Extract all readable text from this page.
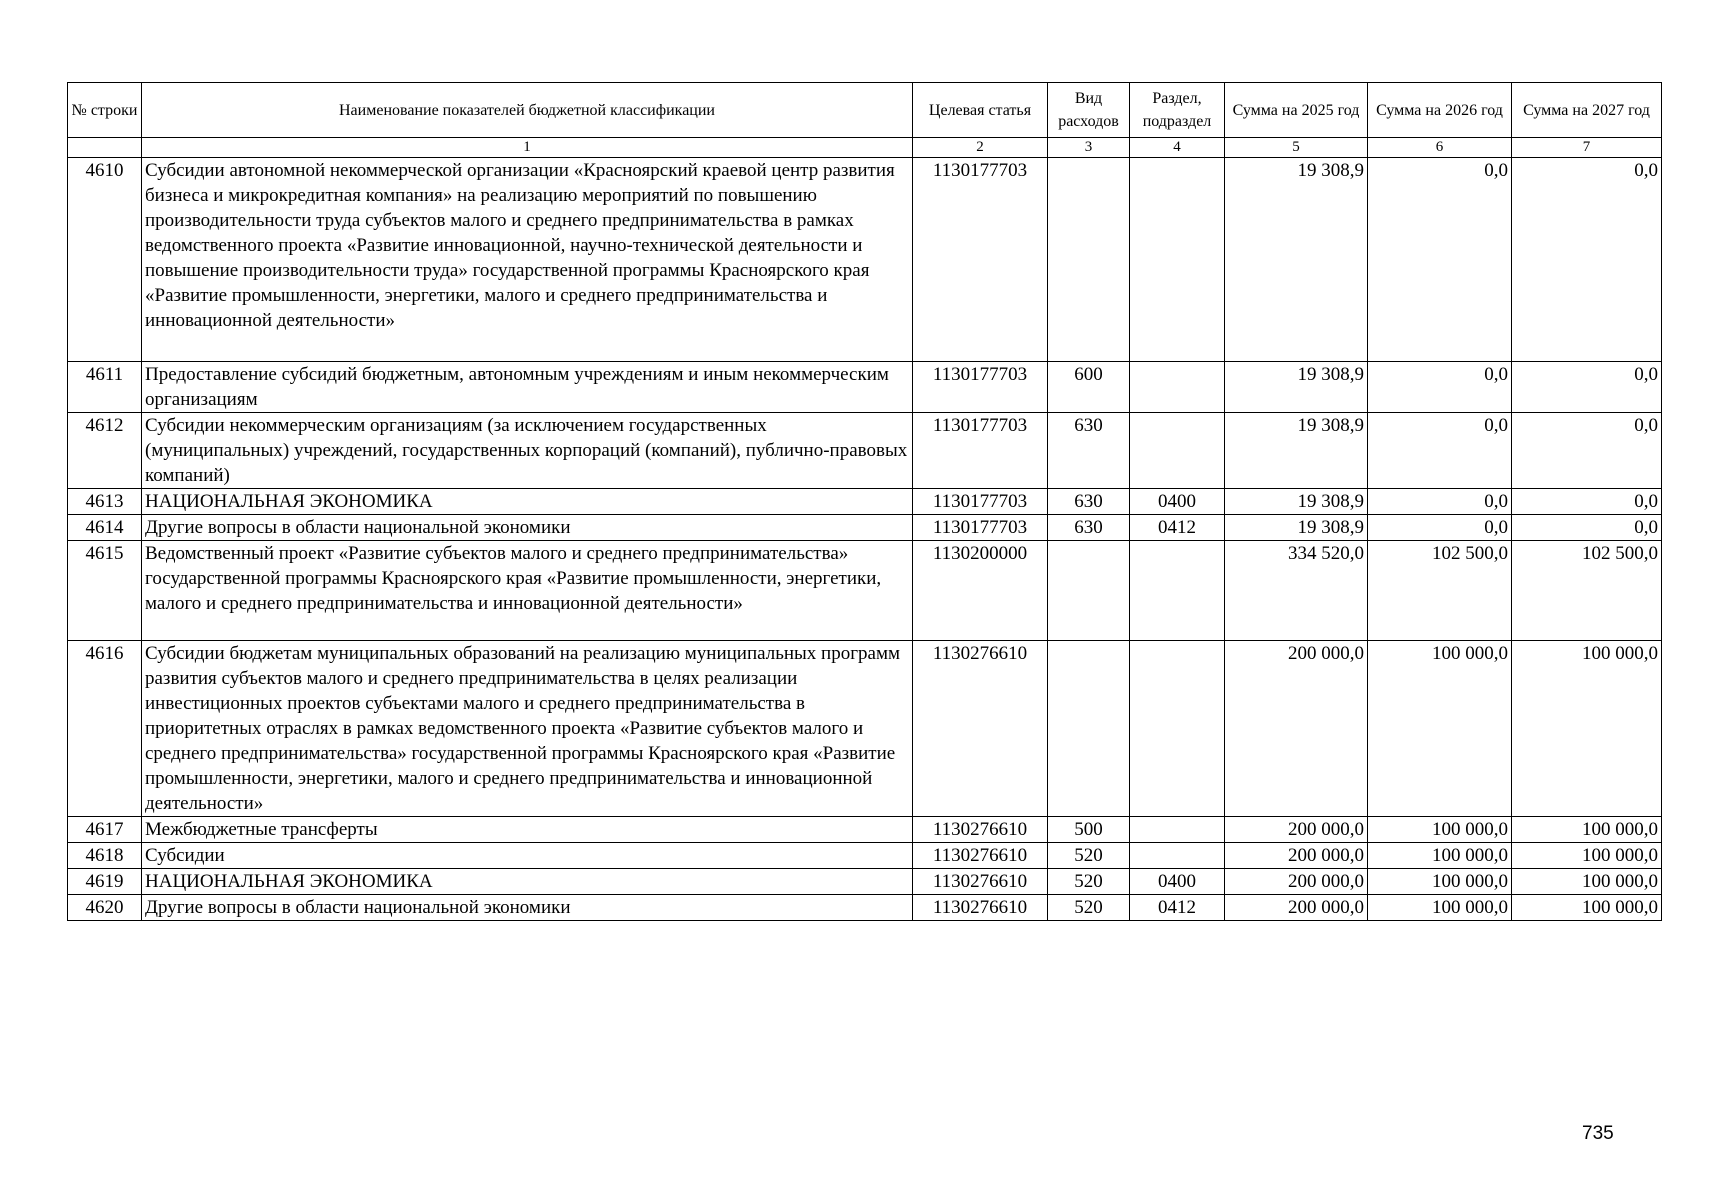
№ строки	Наименование показателей бюджетной классификации	Целевая статья	Вид расходов	Раздел, подраздел	Сумма на 2025 год	Сумма на 2026 год	Сумма на 2027 год
	1	2	3	4	5	6	7
4610	Субсидии автономной некоммерческой организации «Красноярский краевой центр развития бизнеса и микрокредитная компания» на реализацию мероприятий по повышению производительности труда субъектов малого и среднего предпринимательства в рамках ведомственного проекта «Развитие инновационной, научно-технической деятельности и повышение производительности труда» государственной программы Красноярского края «Развитие промышленности, энергетики, малого и среднего предпринимательства и инновационной деятельности»	1130177703			19 308,9	0,0	0,0
4611	Предоставление субсидий бюджетным, автономным учреждениям и иным некоммерческим организациям	1130177703	600		19 308,9	0,0	0,0
4612	Субсидии некоммерческим организациям (за исключением государственных (муниципальных) учреждений, государственных корпораций (компаний), публично-правовых компаний)	1130177703	630		19 308,9	0,0	0,0
4613	НАЦИОНАЛЬНАЯ ЭКОНОМИКА	1130177703	630	0400	19 308,9	0,0	0,0
4614	Другие вопросы в области национальной экономики	1130177703	630	0412	19 308,9	0,0	0,0
4615	Ведомственный проект «Развитие субъектов малого и среднего предпринимательства» государственной программы Красноярского края «Развитие промышленности, энергетики, малого и среднего предпринимательства и инновационной деятельности»	1130200000			334 520,0	102 500,0	102 500,0
4616	Субсидии бюджетам муниципальных образований на реализацию муниципальных программ развития субъектов малого и среднего предпринимательства в целях реализации инвестиционных проектов субъектами малого и среднего предпринимательства в приоритетных отраслях в рамках ведомственного проекта «Развитие субъектов малого и среднего предпринимательства» государственной программы Красноярского края «Развитие промышленности, энергетики, малого и среднего предпринимательства и инновационной деятельности»	1130276610			200 000,0	100 000,0	100 000,0
4617	Межбюджетные трансферты	1130276610	500		200 000,0	100 000,0	100 000,0
4618	Субсидии	1130276610	520		200 000,0	100 000,0	100 000,0
4619	НАЦИОНАЛЬНАЯ ЭКОНОМИКА	1130276610	520	0400	200 000,0	100 000,0	100 000,0
4620	Другие вопросы в области национальной экономики	1130276610	520	0412	200 000,0	100 000,0	100 000,0
735
